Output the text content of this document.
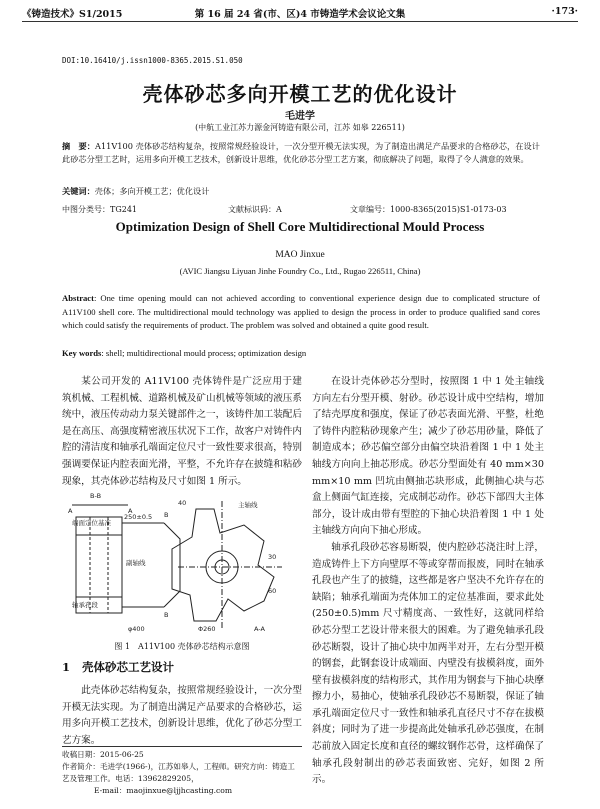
《铸造技术》S1/2015	第 16 届 24 省(市、区)4 市铸造学术会议论文集	·173·
DOI:10.16410/j.issn1000-8365.2015.S1.050
壳体砂芯多向开模工艺的优化设计
毛进学
(中航工业江苏力源金河铸造有限公司，江苏 如皋 226511)
摘　要：A11V100 壳体砂芯结构复杂，按照常规经验设计，一次分型开模无法实现，为了制造出满足产品要求的合格砂芯，在设计此砂芯分型工艺时，运用多向开模工艺技术，创新设计思维，优化砂芯分型工艺方案，彻底解决了问题，取得了令人满意的效果。
关键词：壳体；多向开模工艺；优化设计
中图分类号：TG241	文献标识码：A	文章编号：1000-8365(2015)S1-0173-03
Optimization Design of Shell Core Multidirectional Mould Process
MAO Jinxue
(AVIC Jiangsu Liyuan Jinhe Foundry Co., Ltd., Rugao 226511, China)
Abstract: One time opening mould can not achieved according to conventional experience design due to complicated structure of A11V100 shell core. The multidirectional mould technology was applied to design the process in order to produce qualified sand cores which could satisfy the requirements of product. The problem was solved and obtained a quite good result.
Key words: shell; multidirectional mould process; optimization design
某公司开发的 A11V100 壳体铸件是广泛应用于建筑机械、工程机械、道路机械及矿山机械等领域的液压系统中，液压传动动力泵关键部件之一，该铸件加工装配后是在高压、高强度精密液压状况下工作，故客户对铸件内腔的清洁度和轴承孔端面定位尺寸一致性要求很高，特别强调要保证内腔表面光滑，平整，不允许存在披缝和粘砂现象，其壳体砂芯结构及尺寸如图 1 所示。
B-B
A	A
端面定位基准
250±0.5
主轴线
副轴线
轴承孔段
40
30
60
φ400
B
B
Φ260	A-A
图 1　A11V100 壳体砂芯结构示意图
1 壳体砂芯工艺设计
此壳体砂芯结构复杂，按照常规经验设计，一次分型开模无法实现。为了制造出满足产品要求的合格砂芯，运用多向开模工艺技术，创新设计思维，优化了砂芯分型工艺方案。
收稿日期：2015-06-25
作者简介：毛进学(1966-)，江苏如皋人，工程师。研究方向：铸造工艺及管理工作。电话：13962829205，
E-mail：maojinxue@ljjhcasting.com
在设计壳体砂芯分型时，按照图 1 中 1 处主轴线方向左右分型开模、射砂。砂芯设计成中空结构，增加了结壳厚度和强度，保证了砂芯表面光滑、平整，杜绝了铸件内腔粘砂现象产生；减少了砂芯用砂量，降低了制造成本；砂芯偏空部分由偏空块沿着图 1 中 1 处主轴线方向向上抽芯形成。砂芯分型面处有 40 mm×30 mm×10 mm 凹坑由侧抽芯块形成，此侧抽心块与芯盒上侧面气缸连接，完成制芯动作。砂芯下部四大主体部分，设计成由带有型腔的下抽心块沿着图 1 中 1 处主轴线方向向下抽心形成。
轴承孔段砂芯容易断裂，使内腔砂芯浇注时上浮，造成铸件上下方向壁厚不等或穿帮而报废，同时在轴承孔段也产生了的披缝，这些都是客户坚决不允许存在的缺陷；轴承孔端面为壳体加工的定位基准面，要求此处(250±0.5)mm 尺寸精度高、一致性好，这就同样给砂芯分型工艺设计带来很大的困难。为了避免轴承孔段砂芯断裂，设计了抽心块中加两半对开，左右分型开模的钢套，此钢套设计成端面、内壁没有拔模斜度，面外壁有拔模斜度的结构形式，其作用为钢套与下抽心块摩擦力小，易抽心，使轴承孔段砂芯不易断裂，保证了轴承孔端面定位尺寸一致性和轴承孔直径尺寸不存在拔模斜度；同时为了进一步提高此处轴承孔砂芯强度，在制芯前放入固定长度和直径的螺纹钢作芯骨，这样确保了轴承孔段射制出的砂芯表面致密、完好，如图 2 所示。
